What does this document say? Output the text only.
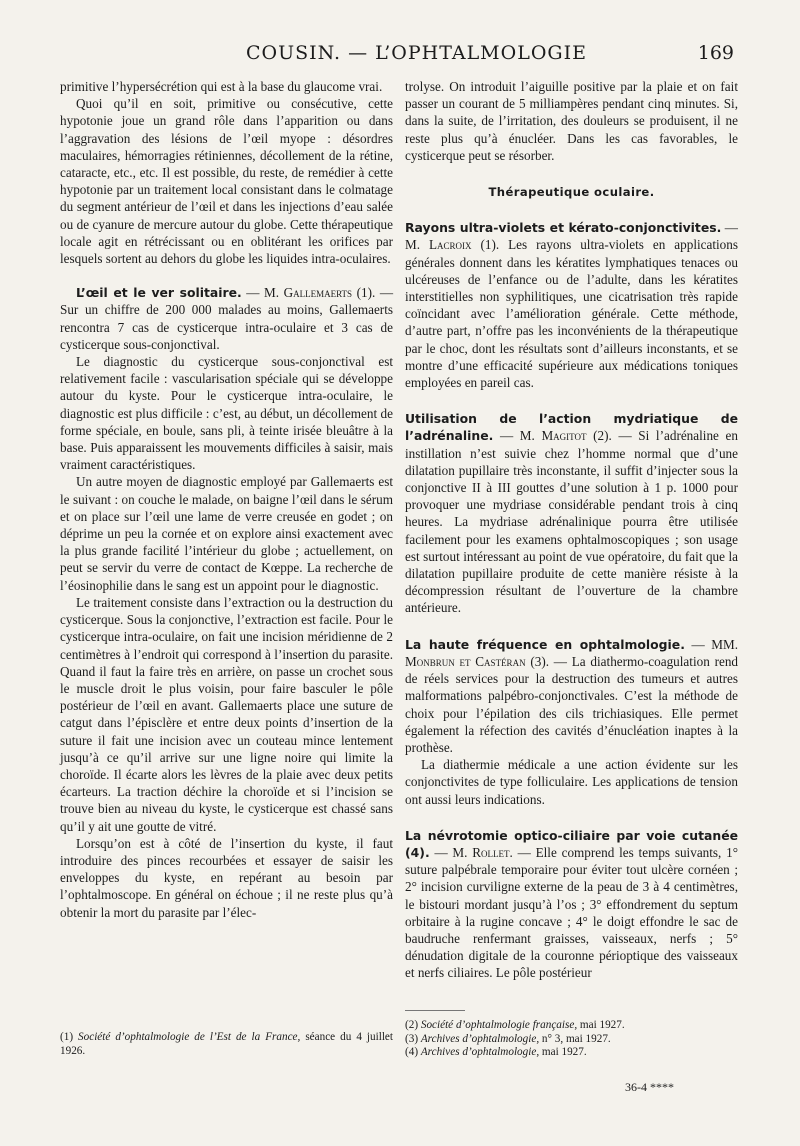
COUSIN. — L’OPHTALMOLOGIE	169

primitive l’hypersécrétion qui est à la base du glaucome vrai.

Quoi qu’il en soit, primitive ou consécutive, cette hypotonie joue un grand rôle dans l’apparition ou dans l’aggravation des lésions de l’œil myope : désordres maculaires, hémorragies rétiniennes, décollement de la rétine, cataracte, etc., etc. Il est possible, du reste, de remédier à cette hypotonie par un traitement local consistant dans le colmatage du segment antérieur de l’œil et dans les injections d’eau salée ou de cyanure de mercure autour du globe. Cette thérapeutique locale agit en rétrécissant ou en oblitérant les orifices par lesquels sortent au dehors du globe les liquides intra-oculaires.

L’œil et le ver solitaire. — M. Gallemaerts (1). — Sur un chiffre de 200 000 malades au moins, Gallemaerts rencontra 7 cas de cysticerque intra-oculaire et 3 cas de cysticerque sous-conjonctival.

Le diagnostic du cysticerque sous-conjonctival est relativement facile : vascularisation spéciale qui se développe autour du kyste. Pour le cysticerque intra-oculaire, le diagnostic est plus difficile : c’est, au début, un décollement de forme spéciale, en boule, sans pli, à teinte irisée bleuâtre à la base. Puis apparaissent les mouvements difficiles à saisir, mais vraiment caractéristiques.

Un autre moyen de diagnostic employé par Gallemaerts est le suivant : on couche le malade, on baigne l’œil dans le sérum et on place sur l’œil une lame de verre creusée en godet ; on déprime un peu la cornée et on explore ainsi exactement avec la plus grande facilité l’intérieur du globe ; actuellement, on peut se servir du verre de contact de Kœppe. La recherche de l’éosinophilie dans le sang est un appoint pour le diagnostic.

Le traitement consiste dans l’extraction ou la destruction du cysticerque. Sous la conjonctive, l’extraction est facile. Pour le cysticerque intra-oculaire, on fait une incision méridienne de 2 centimètres à l’endroit qui correspond à l’insertion du parasite. Quand il faut la faire très en arrière, on passe un crochet sous le muscle droit le plus voisin, pour faire basculer le pôle postérieur de l’œil en avant. Gallemaerts place une suture de catgut dans l’épisclère et entre deux points d’insertion de la suture il fait une incision avec un couteau mince lentement jusqu’à ce qu’il arrive sur une ligne noire qui limite la choroïde. Il écarte alors les lèvres de la plaie avec deux petits écarteurs. La traction déchire la choroïde et si l’incision se trouve bien au niveau du kyste, le cysticerque est chassé sans qu’il y ait une goutte de vitré.

Lorsqu’on est à côté de l’insertion du kyste, il faut introduire des pinces recourbées et essayer de saisir les enveloppes du kyste, en repérant au besoin par l’ophtalmoscope. En général on échoue ; il ne reste plus qu’à obtenir la mort du parasite par l’élec-

trolyse. On introduit l’aiguille positive par la plaie et on fait passer un courant de 5 milliampères pendant cinq minutes. Si, dans la suite, de l’irritation, des douleurs se produisent, il ne reste plus qu’à énucléer. Dans les cas favorables, le cysticerque peut se résorber.

Thérapeutique oculaire.

Rayons ultra-violets et kérato-conjonctivites. — M. Lacroix (1). Les rayons ultra-violets en applications générales donnent dans les kératites lymphatiques tenaces ou ulcéreuses de l’enfance ou de l’adulte, dans les kératites interstitielles non syphilitiques, une cicatrisation très rapide coïncidant avec l’amélioration générale. Cette méthode, d’autre part, n’offre pas les inconvénients de la thérapeutique par le choc, dont les résultats sont d’ailleurs inconstants, et se montre d’une efficacité supérieure aux médications toniques employées en pareil cas.

Utilisation de l’action mydriatique de l’adrénaline. — M. Magitot (2). — Si l’adrénaline en instillation n’est suivie chez l’homme normal que d’une dilatation pupillaire très inconstante, il suffit d’injecter sous la conjonctive II à III gouttes d’une solution à 1 p. 1000 pour provoquer une mydriase considérable pendant trois à cinq heures. La mydriase adrénalinique pourra être utilisée facilement pour les examens ophtalmoscopiques ; son usage est surtout intéressant au point de vue opératoire, du fait que la dilatation pupillaire produite de cette manière résiste à la décompression résultant de l’ouverture de la chambre antérieure.

La haute fréquence en ophtalmologie. — MM. Monbrun et Castéran (3). — La diathermo-coagulation rend de réels services pour la destruction des tumeurs et autres malformations palpébro-conjonctivales. C’est la méthode de choix pour l’épilation des cils trichiasiques. Elle permet également la réfection des cavités d’énucléation inaptes à la prothèse.

La diathermie médicale a une action évidente sur les conjonctivites de type folliculaire. Les applications de tension ont aussi leurs indications.

La névrotomie optico-ciliaire par voie cutanée (4). — M. Rollet. — Elle comprend les temps suivants, 1° suture palpébrale temporaire pour éviter tout ulcère cornéen ; 2° incision curviligne externe de la peau de 3 à 4 centimètres, le bistouri mordant jusqu’à l’os ; 3° effondrement du septum orbitaire à la rugine concave ; 4° le doigt effondre le sac de baudruche renfermant graisses, vaisseaux, nerfs ; 5° dénudation digitale de la couronne périoptique des vaisseaux et nerfs ciliaires. Le pôle postérieur

(1) Société d’ophtalmologie de l’Est de la France, séance du 4 juillet 1926.
(2) Société d’ophtalmologie française, mai 1927.
(3) Archives d’ophtalmologie, n° 3, mai 1927.
(4) Archives d’ophtalmologie, mai 1927.
36-4 ****
